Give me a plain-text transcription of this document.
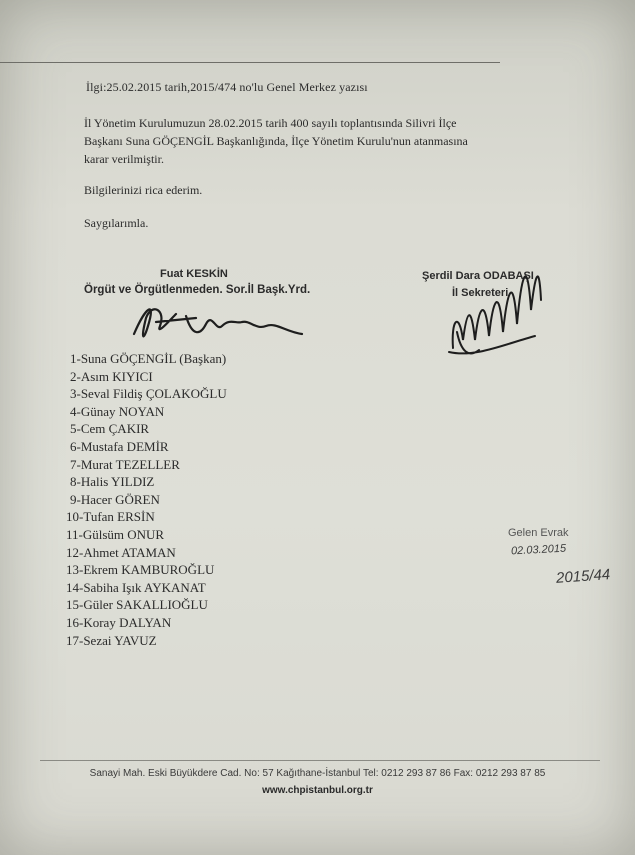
İlgi:25.02.2015 tarih,2015/474 no'lu Genel Merkez yazısı
İl Yönetim Kurulumuzun 28.02.2015 tarih 400 sayılı toplantısında Silivri İlçe
Başkanı Suna GÖÇENGİL Başkanlığında, İlçe Yönetim Kurulu'nun atanmasına
karar verilmiştir.
Bilgilerinizi rica ederim.
Saygılarımla.
Fuat KESKİN
Örgüt ve Örgütlenmeden. Sor.İl Başk.Yrd.
Şerdil Dara ODABAŞI
İl Sekreteri
1-Suna GÖÇENGİL (Başkan)
2-Asım KIYICI
3-Seval Fildiş ÇOLAKOĞLU
4-Günay NOYAN
5-Cem ÇAKIR
6-Mustafa DEMİR
7-Murat TEZELLER
8-Halis YILDIZ
9-Hacer GÖREN
10-Tufan ERSİN
11-Gülsüm ONUR
12-Ahmet ATAMAN
13-Ekrem KAMBUROĞLU
14-Sabiha Işık AYKANAT
15-Güler SAKALLIOĞLU
16-Koray DALYAN
17-Sezai YAVUZ
Gelen Evrak
02.03.2015
2015/44
Sanayi Mah. Eski Büyükdere Cad. No: 57 Kağıthane-İstanbul Tel: 0212 293 87 86 Fax: 0212 293 87 85
www.chpistanbul.org.tr
